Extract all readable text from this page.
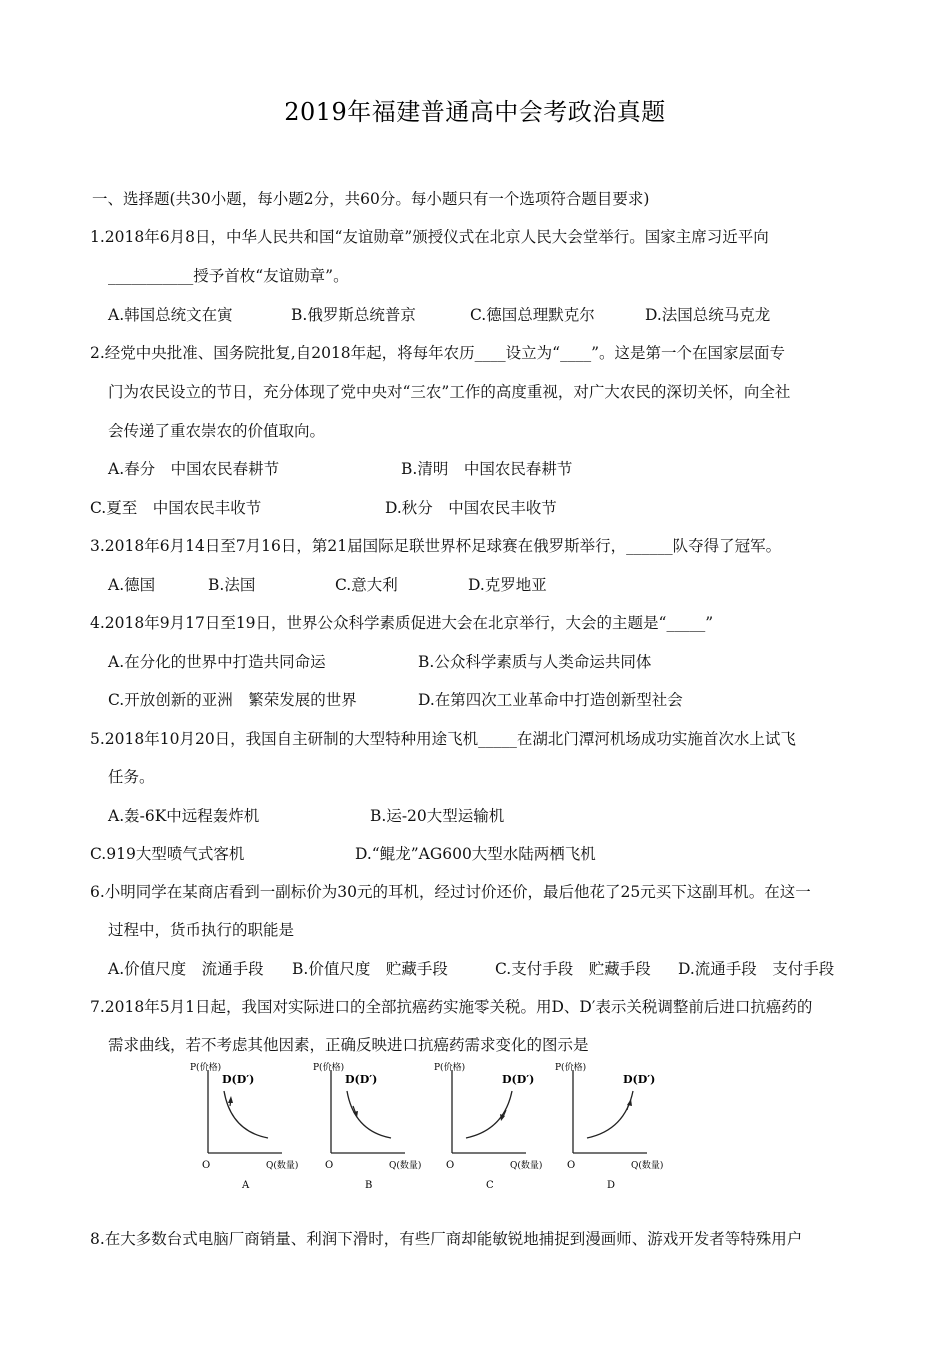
2019年福建普通高中会考政治真题
一、选择题(共30小题，每小题2分，共60分。每小题只有一个选项符合题目要求)
1.2018年6月8日，中华人民共和国“友谊勋章”颁授仪式在北京人民大会堂举行。国家主席习近平向
___________授予首枚“友谊勋章”。
A.韩国总统文在寅	B.俄罗斯总统普京	C.德国总理默克尔	D.法国总统马克龙
2.经党中央批准、国务院批复,自2018年起，将每年农历____设立为“____”。这是第一个在国家层面专
门为农民设立的节日，充分体现了党中央对“三农”工作的高度重视，对广大农民的深切关怀，向全社
会传递了重农崇农的价值取向。
A.春分　中国农民春耕节	B.清明　中国农民春耕节
C.夏至　中国农民丰收节	D.秋分　中国农民丰收节
3.2018年6月14日至7月16日，第21届国际足联世界杯足球赛在俄罗斯举行，______队夺得了冠军。
A.德国	B.法国	C.意大利	D.克罗地亚
4.2018年9月17日至19日，世界公众科学素质促进大会在北京举行，大会的主题是“_____”
A.在分化的世界中打造共同命运	B.公众科学素质与人类命运共同体
C.开放创新的亚洲　繁荣发展的世界	D.在第四次工业革命中打造创新型社会
5.2018年10月20日，我国自主研制的大型特种用途飞机_____在湖北门潭河机场成功实施首次水上试飞
任务。
A.轰-6K中远程轰炸机	B.运-20大型运输机
C.919大型喷气式客机	D.“鲲龙”AG600大型水陆两栖飞机
6.小明同学在某商店看到一副标价为30元的耳机，经过讨价还价，最后他花了25元买下这副耳机。在这一
过程中，货币执行的职能是
A.价值尺度　流通手段 B.价值尺度　贮藏手段	C.支付手段　贮藏手段 D.流通手段　支付手段
7.2018年5月1日起，我国对实际进口的全部抗癌药实施零关税。用D、D′表示关税调整前后进口抗癌药的
需求曲线，若不考虑其他因素，正确反映进口抗癌药需求变化的图示是
P(价格)
O	Q(数量)
D(D′)
A
P(价格)
O	Q(数量)
D(D′)
B
P(价格)
O	Q(数量)
D(D′)
C
P(价格)
O	Q(数量)
D(D′)
D
8.在大多数台式电脑厂商销量、利润下滑时，有些厂商却能敏锐地捕捉到漫画师、游戏开发者等特殊用户
